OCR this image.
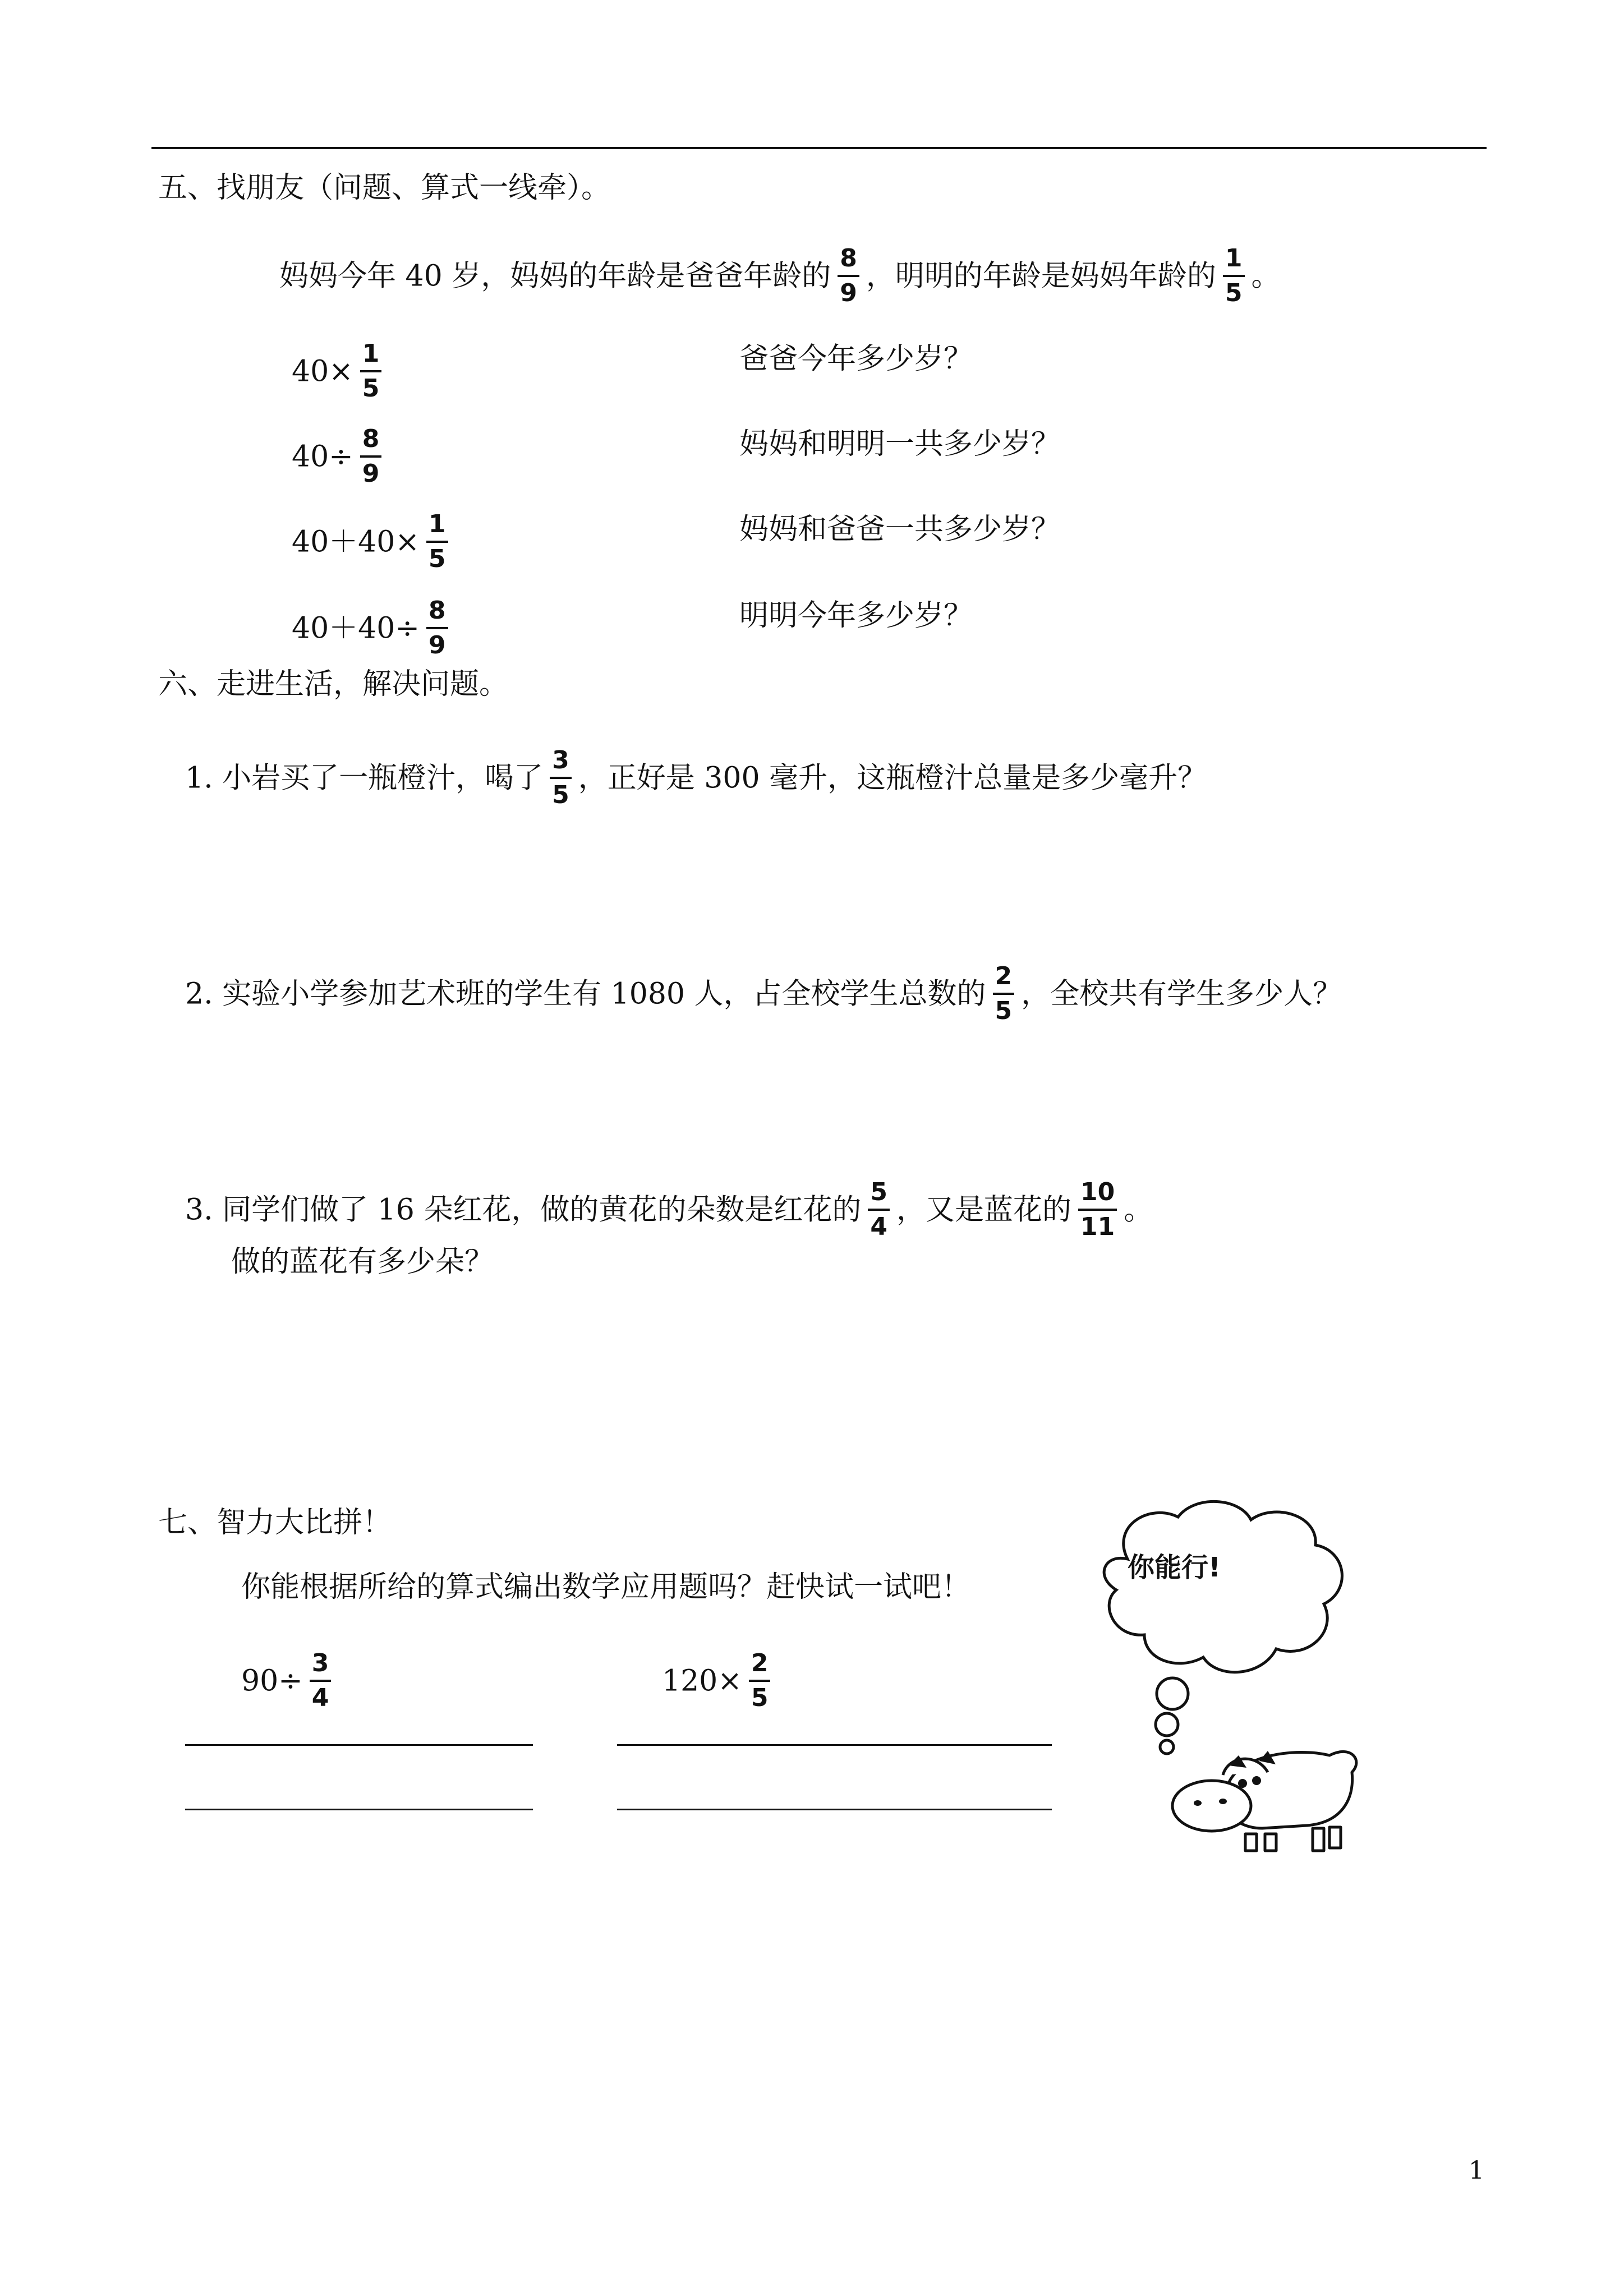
五、找朋友（问题、算式一线牵）。
妈妈今年 40 岁，妈妈的年龄是爸爸年龄的 $\frac{8}{9}$ ，明明的年龄是妈妈年龄的 $\frac{1}{5}$ 。
$40\times \frac{1}{5}$
$40\div \frac{8}{9}$
$40+40\times \frac{1}{5}$
$40+40\div \frac{8}{9}$
爸爸今年多少岁？
妈妈和明明一共多少岁？
妈妈和爸爸一共多少岁？
明明今年多少岁？
六、走进生活，解决问题。
1. 小岩买了一瓶橙汁，喝了 $\frac{3}{5}$ ，正好是 300 毫升，这瓶橙汁总量是多少毫升？
2. 实验小学参加艺术班的学生有 1080 人，占全校学生总数的 $\frac{2}{5}$ ，全校共有学生多少人？
3. 同学们做了 16 朵红花，做的黄花的朵数是红花的 $\frac{5}{4}$ ，又是蓝花的 $\frac{10}{11}$ 。
做的蓝花有多少朵？
七、智力大比拼！
你能根据所给的算式编出数学应用题吗？赶快试一试吧！
$90\div \frac{3}{4}$	$120\times \frac{2}{5}$
你能行!
1
